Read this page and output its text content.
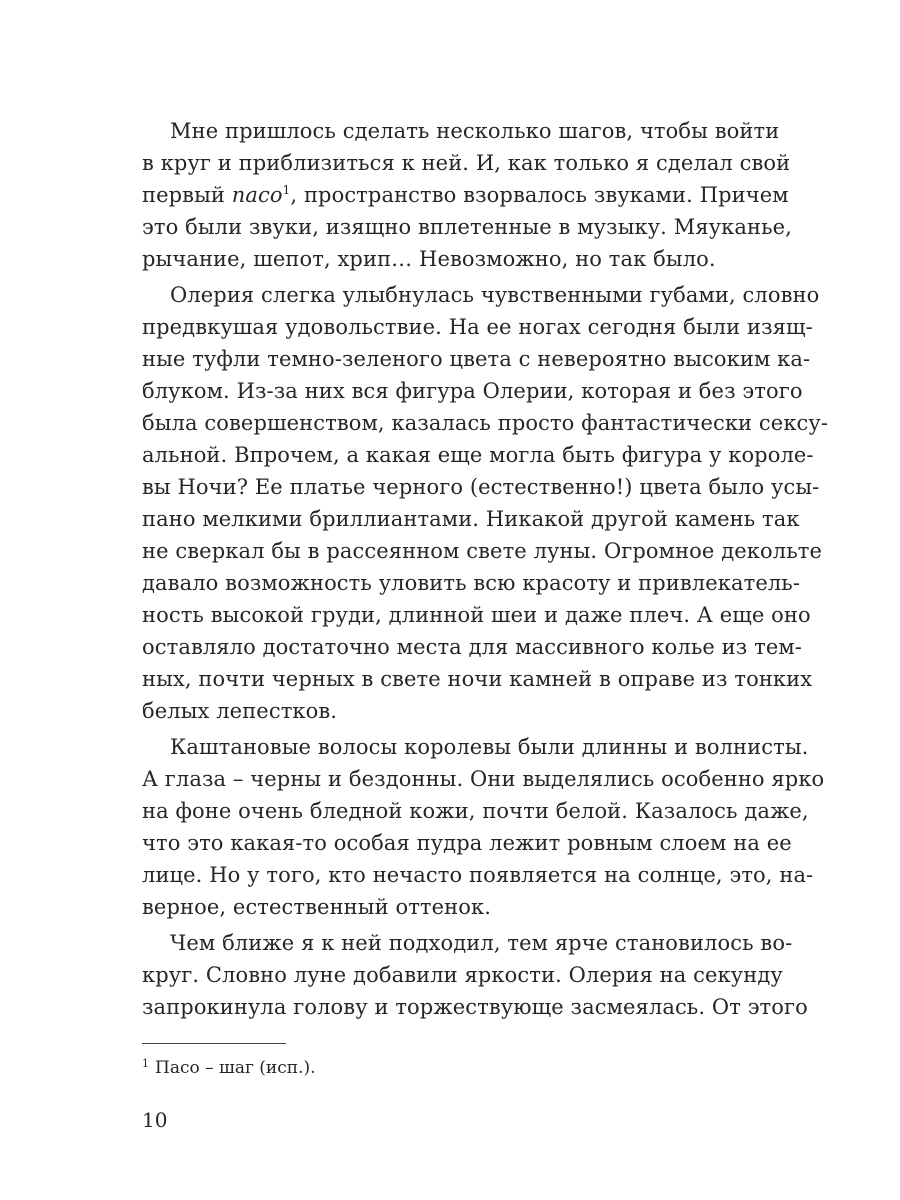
Мне пришлось сделать несколько шагов, чтобы войти
в круг и приблизиться к ней. И, как только я сделал свой
первый пасо$^1$, пространство взорвалось звуками. Причем
это были звуки, изящно вплетенные в музыку. Мяуканье,
рычание, шепот, хрип… Невозможно, но так было.
Олерия слегка улыбнулась чувственными губами, словно
предвкушая удовольствие. На ее ногах сегодня были изящ-
ные туфли темно-зеленого цвета с невероятно высоким ка-
блуком. Из-за них вся фигура Олерии, которая и без этого
была совершенством, казалась просто фантастически сексу-
альной. Впрочем, а какая еще могла быть фигура у короле-
вы Ночи? Ее платье черного (естественно!) цвета было усы-
пано мелкими бриллиантами. Никакой другой камень так
не сверкал бы в рассеянном свете луны. Огромное декольте
давало возможность уловить всю красоту и привлекатель-
ность высокой груди, длинной шеи и даже плеч. А еще оно
оставляло достаточно места для массивного колье из тем-
ных, почти черных в свете ночи камней в оправе из тонких
белых лепестков.
Каштановые волосы королевы были длинны и волнисты.
А глаза – черны и бездонны. Они выделялись особенно ярко
на фоне очень бледной кожи, почти белой. Казалось даже,
что это какая-то особая пудра лежит ровным слоем на ее
лице. Но у того, кто нечасто появляется на солнце, это, на-
верное, естественный оттенок.
Чем ближе я к ней подходил, тем ярче становилось во-
круг. Словно луне добавили яркости. Олерия на секунду
запрокинула голову и торжествующе засмеялась. От этого
$^1$ Пасо – шаг (исп.).
10
